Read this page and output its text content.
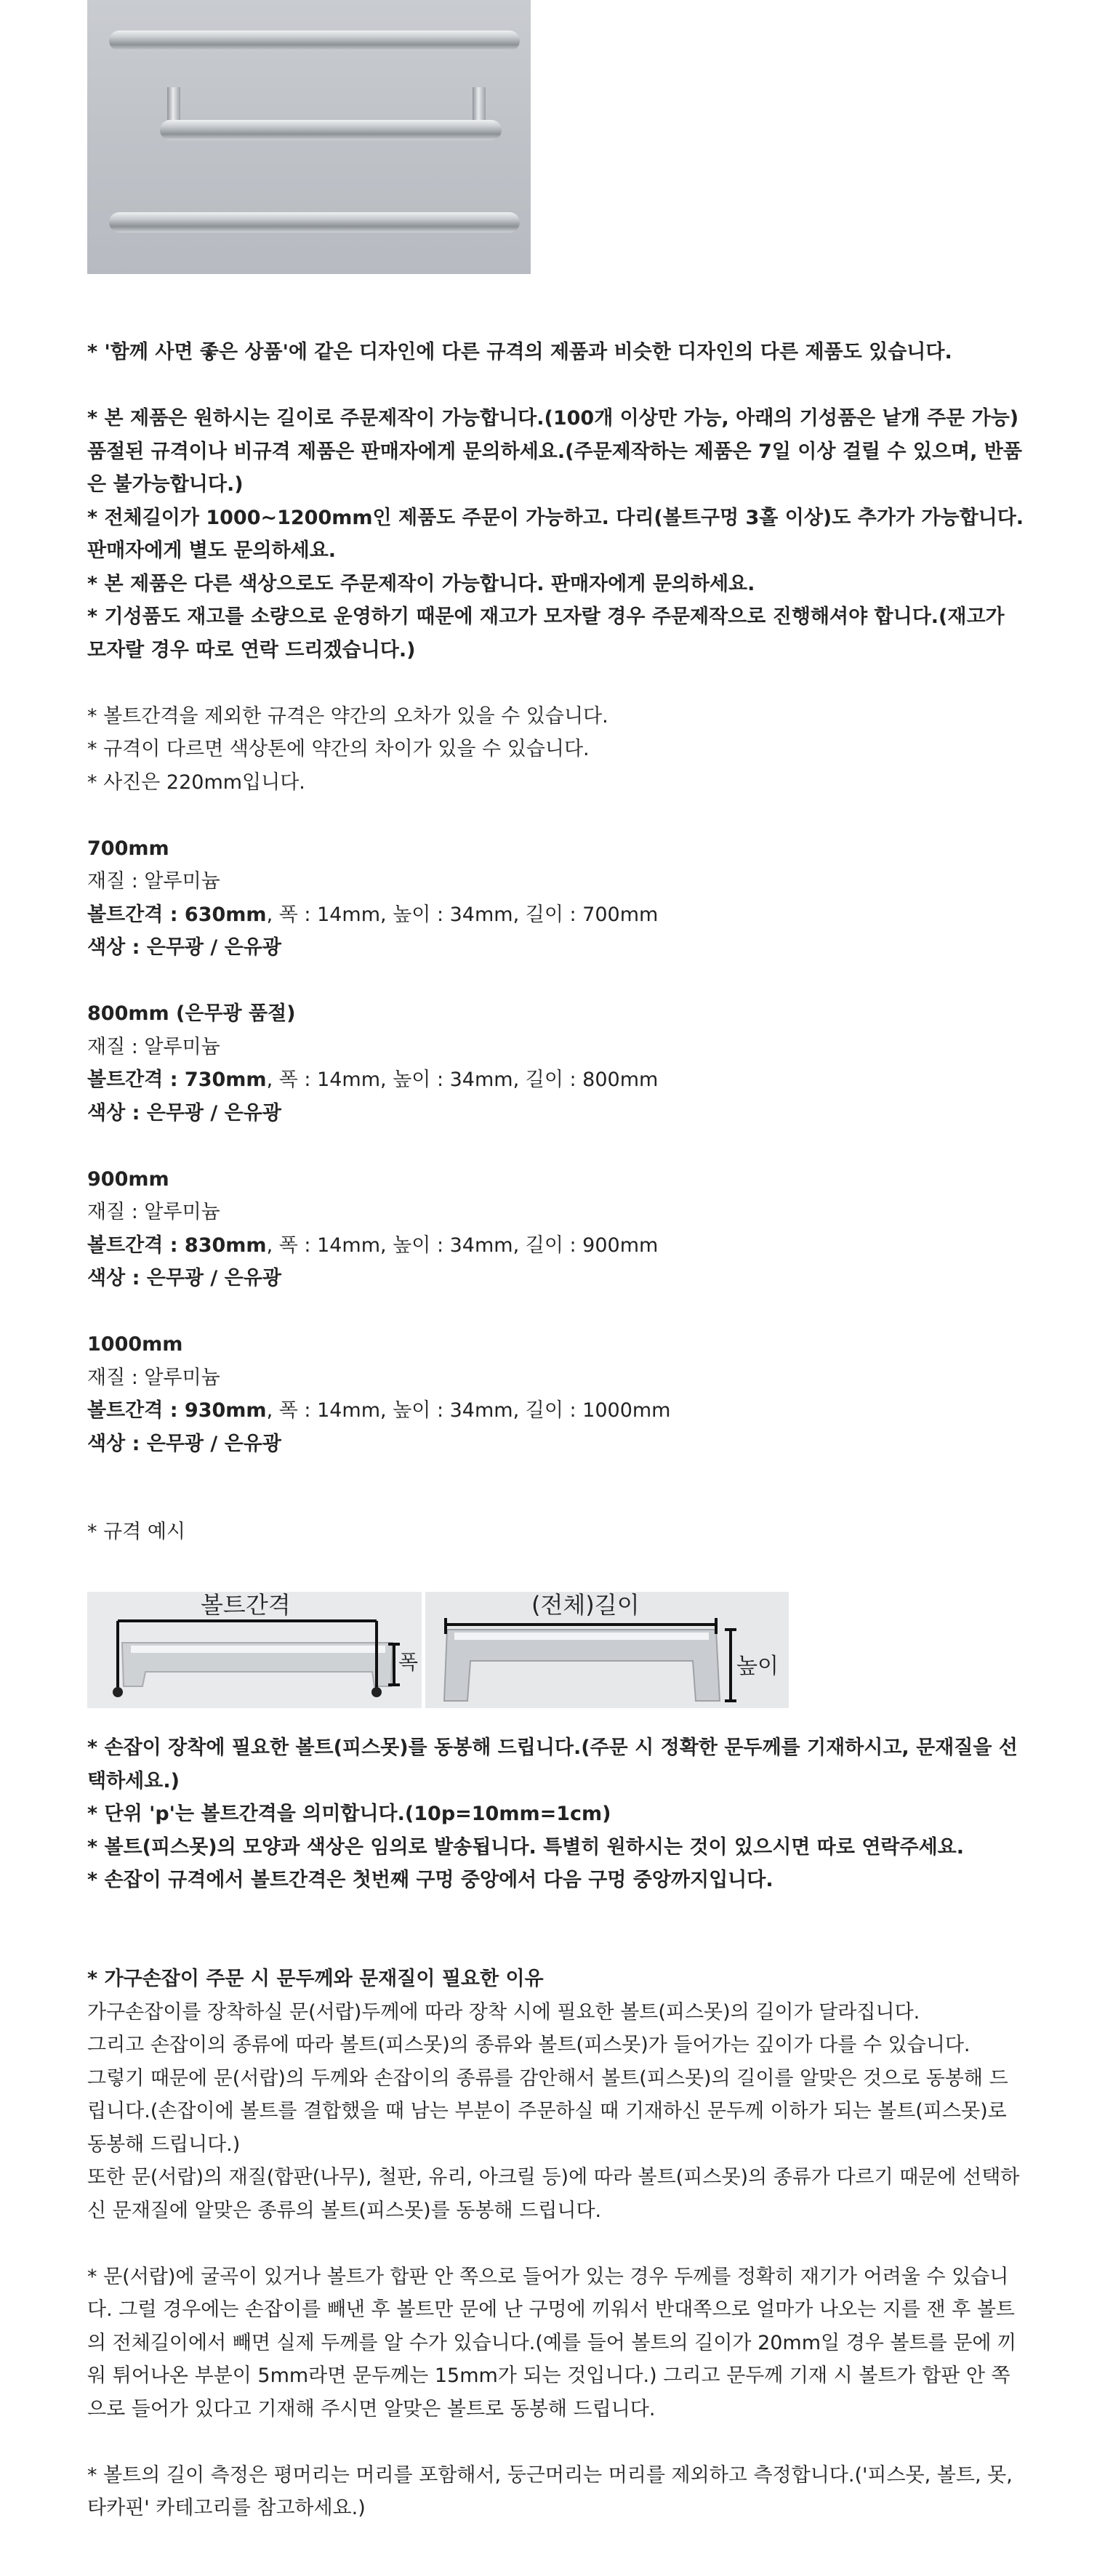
* '함께 사면 좋은 상품'에 같은 디자인에 다른 규격의 제품과 비슷한 디자인의 다른 제품도 있습니다.

* 본 제품은 원하시는 길이로 주문제작이 가능합니다.(100개 이상만 가능, 아래의 기성품은 낱개 주문 가능) 품절된 규격이나 비규격 제품은 판매자에게 문의하세요.(주문제작하는 제품은 7일 이상 걸릴 수 있으며, 반품은 불가능합니다.)

* 전체길이가 1000~1200mm인 제품도 주문이 가능하고. 다리(볼트구멍 3홀 이상)도 추가가 가능합니다. 판매자에게 별도 문의하세요.

* 본 제품은 다른 색상으로도 주문제작이 가능합니다. 판매자에게 문의하세요.

* 기성품도 재고를 소량으로 운영하기 때문에 재고가 모자랄 경우 주문제작으로 진행해셔야 합니다.(재고가 모자랄 경우 따로 연락 드리겠습니다.)

* 볼트간격을 제외한 규격은 약간의 오차가 있을 수 있습니다.

* 규격이 다르면 색상톤에 약간의 차이가 있을 수 있습니다.

* 사진은 220mm입니다.

700mm

재질 : 알루미늄

볼트간격 : 630mm, 폭 : 14mm, 높이 : 34mm, 길이 : 700mm

색상 : 은무광 / 은유광

800mm (은무광 품절)

재질 : 알루미늄

볼트간격 : 730mm, 폭 : 14mm, 높이 : 34mm, 길이 : 800mm

색상 : 은무광 / 은유광

900mm

재질 : 알루미늄

볼트간격 : 830mm, 폭 : 14mm, 높이 : 34mm, 길이 : 900mm

색상 : 은무광 / 은유광

1000mm

재질 : 알루미늄

볼트간격 : 930mm, 폭 : 14mm, 높이 : 34mm, 길이 : 1000mm

색상 : 은무광 / 은유광

* 규격 예시

볼트간격
폭
(전체)길이
높이

* 손잡이 장착에 필요한 볼트(피스못)를 동봉해 드립니다.(주문 시 정확한 문두께를 기재하시고, 문재질을 선택하세요.)

* 단위 'p'는 볼트간격을 의미합니다.(10p=10mm=1cm)

* 볼트(피스못)의 모양과 색상은 임의로 발송됩니다. 특별히 원하시는 것이 있으시면 따로 연락주세요.

* 손잡이 규격에서 볼트간격은 첫번째 구멍 중앙에서 다음 구멍 중앙까지입니다.

* 가구손잡이 주문 시 문두께와 문재질이 필요한 이유

가구손잡이를 장착하실 문(서랍)두께에 따라 장착 시에 필요한 볼트(피스못)의 길이가 달라집니다.

그리고 손잡이의 종류에 따라 볼트(피스못)의 종류와 볼트(피스못)가 들어가는 깊이가 다를 수 있습니다.

그렇기 때문에 문(서랍)의 두께와 손잡이의 종류를 감안해서 볼트(피스못)의 길이를 알맞은 것으로 동봉해 드립니다.(손잡이에 볼트를 결합했을 때 남는 부분이 주문하실 때 기재하신 문두께 이하가 되는 볼트(피스못)로 동봉해 드립니다.)

또한 문(서랍)의 재질(합판(나무), 철판, 유리, 아크릴 등)에 따라 볼트(피스못)의 종류가 다르기 때문에 선택하신 문재질에 알맞은 종류의 볼트(피스못)를 동봉해 드립니다.

* 문(서랍)에 굴곡이 있거나 볼트가 합판 안 쪽으로 들어가 있는 경우 두께를 정확히 재기가 어려울 수 있습니다. 그럴 경우에는 손잡이를 빼낸 후 볼트만 문에 난 구멍에 끼워서 반대쪽으로 얼마가 나오는 지를 잰 후 볼트의 전체길이에서 빼면 실제 두께를 알 수가 있습니다.(예를 들어 볼트의 길이가 20mm일 경우 볼트를 문에 끼워 튀어나온 부분이 5mm라면 문두께는 15mm가 되는 것입니다.) 그리고 문두께 기재 시 볼트가 합판 안 쪽으로 들어가 있다고 기재해 주시면 알맞은 볼트로 동봉해 드립니다.

* 볼트의 길이 측정은 평머리는 머리를 포함해서, 둥근머리는 머리를 제외하고 측정합니다.('피스못, 볼트, 못, 타카핀' 카테고리를 참고하세요.)
